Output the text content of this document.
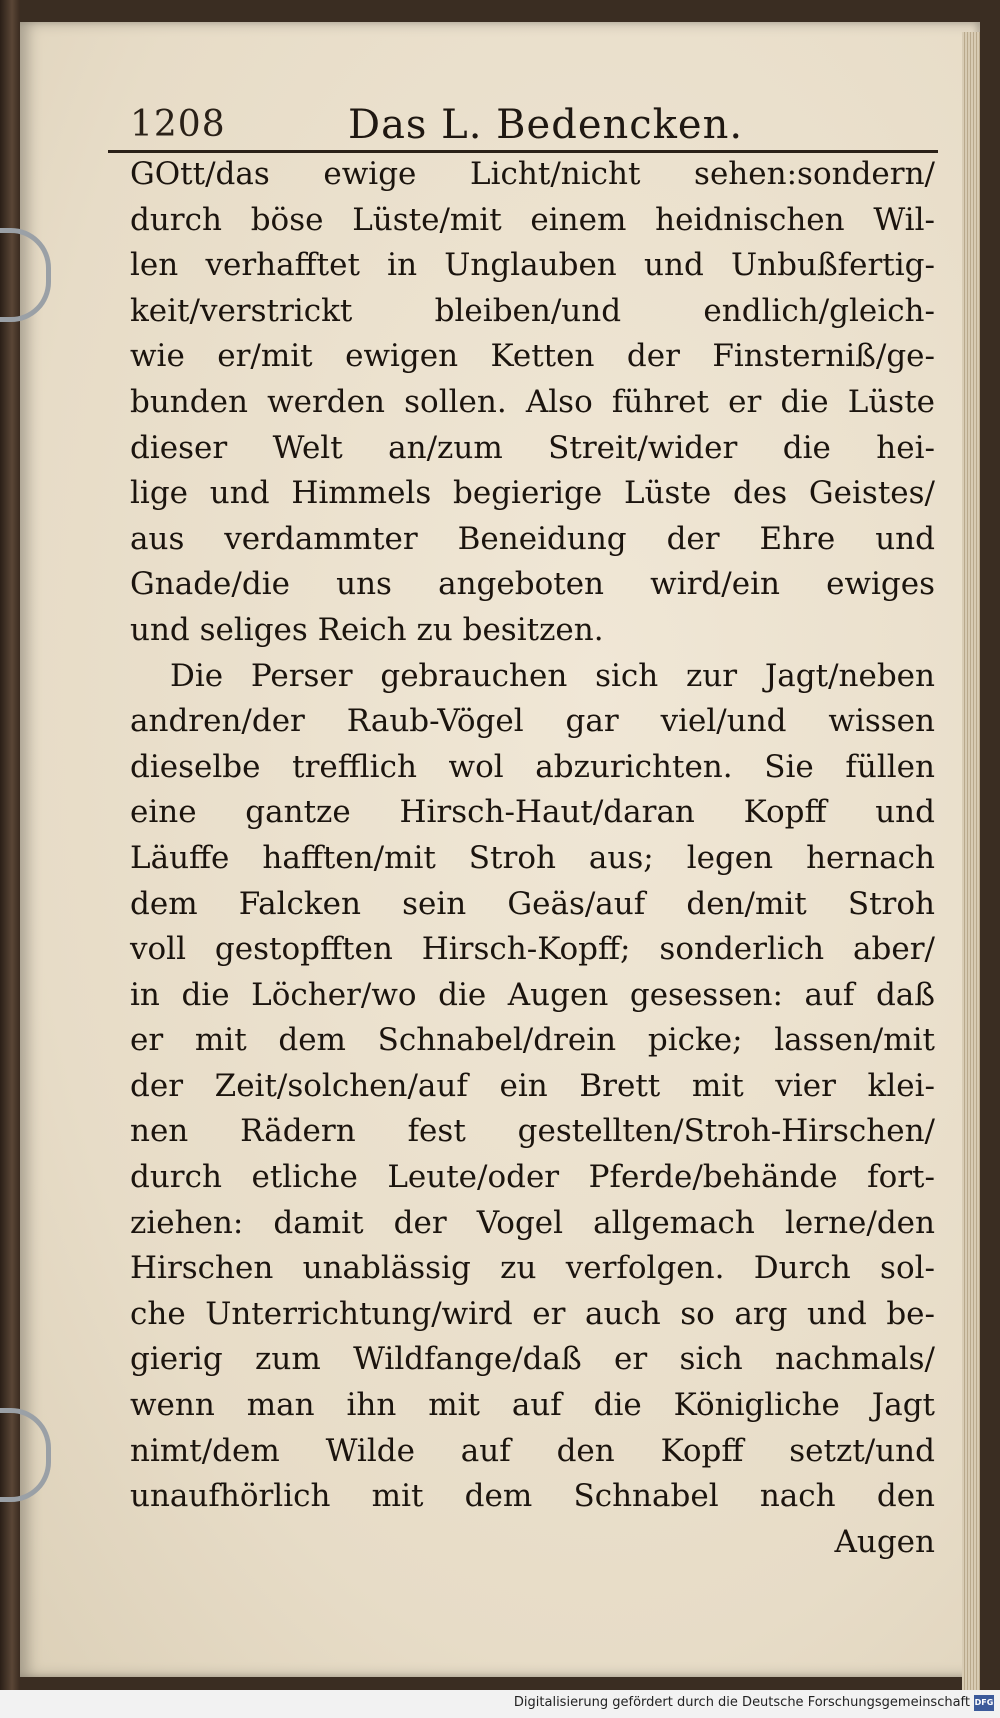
1208	Das L. Bedencken.
GOtt/das ewige Licht/nicht sehen:sondern/
durch böse Lüste/mit einem heidnischen Wil-
len verhafftet in Unglauben und Unbußfertig-
keit/verstrickt bleiben/und endlich/gleich-
wie er/mit ewigen Ketten der Finsterniß/ge-
bunden werden sollen. Also führet er die Lüste
dieser Welt an/zum Streit/wider die hei-
lige und Himmels begierige Lüste des Geistes/
aus verdammter Beneidung der Ehre und
Gnade/die uns angeboten wird/ein ewiges
und seliges Reich zu besitzen.
Die Perser gebrauchen sich zur Jagt/neben
andren/der Raub-Vögel gar viel/und wissen
dieselbe trefflich wol abzurichten. Sie füllen
eine gantze Hirsch-Haut/daran Kopff und
Läuffe hafften/mit Stroh aus; legen hernach
dem Falcken sein Geäs/auf den/mit Stroh
voll gestopfften Hirsch-Kopff; sonderlich aber/
in die Löcher/wo die Augen gesessen: auf daß
er mit dem Schnabel/drein picke; lassen/mit
der Zeit/solchen/auf ein Brett mit vier klei-
nen Rädern fest gestellten/Stroh-Hirschen/
durch etliche Leute/oder Pferde/behände fort-
ziehen: damit der Vogel allgemach lerne/den
Hirschen unablässig zu verfolgen. Durch sol-
che Unterrichtung/wird er auch so arg und be-
gierig zum Wildfange/daß er sich nachmals/
wenn man ihn mit auf die Königliche Jagt
nimt/dem Wilde auf den Kopff setzt/und
unaufhörlich mit dem Schnabel nach den
Augen
Digitalisierung gefördert durch die Deutsche Forschungsgemeinschaft DFG
